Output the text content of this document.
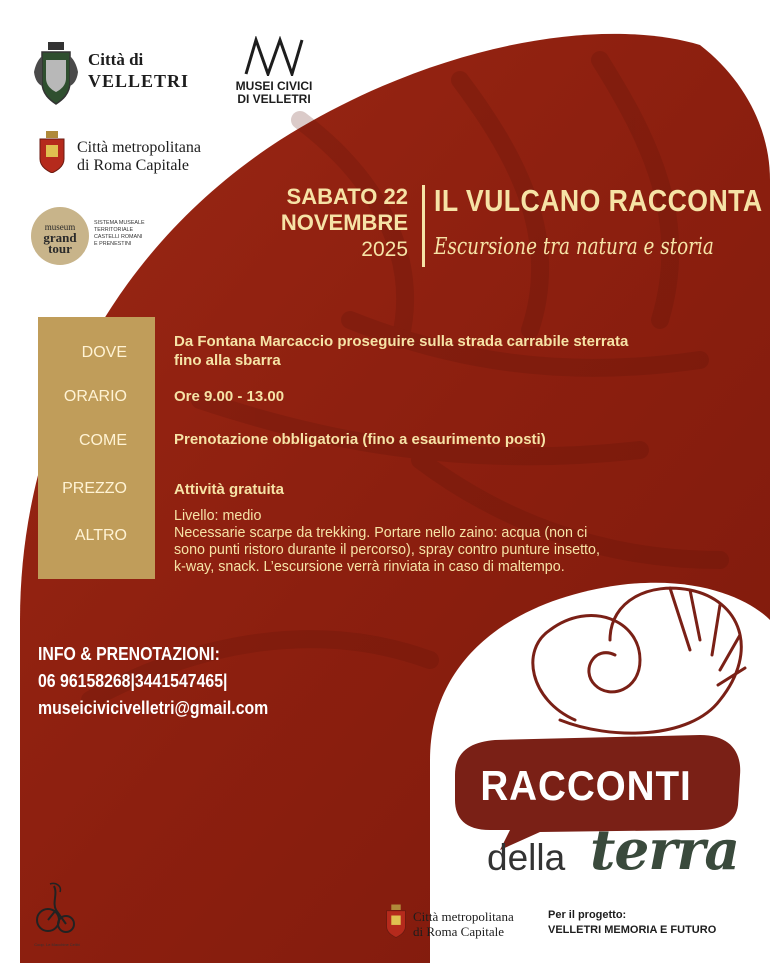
Città di
VELLETRI	MUSEI CIVICI
DI VELLETRI
Città metropolitana
di Roma Capitale
museum
grand
tour
SISTEMA MUSEALE
TERRITORIALE
CASTELLI ROMANI
E PRENESTINI
SABATO 22
NOVEMBRE
2025
IL VULCANO RACCONTA
Escursione tra natura e storia
DOVE
ORARIO
COME
PREZZO
ALTRO
Da Fontana Marcaccio proseguire sulla strada carrabile sterrata
fino alla sbarra
Ore 9.00 - 13.00
Prenotazione obbligatoria (fino a esaurimento posti)
Attività gratuita
Livello: medio
Necessarie scarpe da trekking. Portare nello zaino: acqua (non ci
sono punti ristoro durante il percorso), spray contro punture insetto,
k-way, snack. L’escursione verrà rinviata in caso di maltempo.
INFO & PRENOTAZIONI:
06 96158268|3441547465|
museicivicivelletri@gmail.com
RACCONTI
della terra
Città metropolitana
di Roma Capitale
Per il progetto:
VELLETRI MEMORIA E FUTURO
Coop. Le Macchine Celibi
